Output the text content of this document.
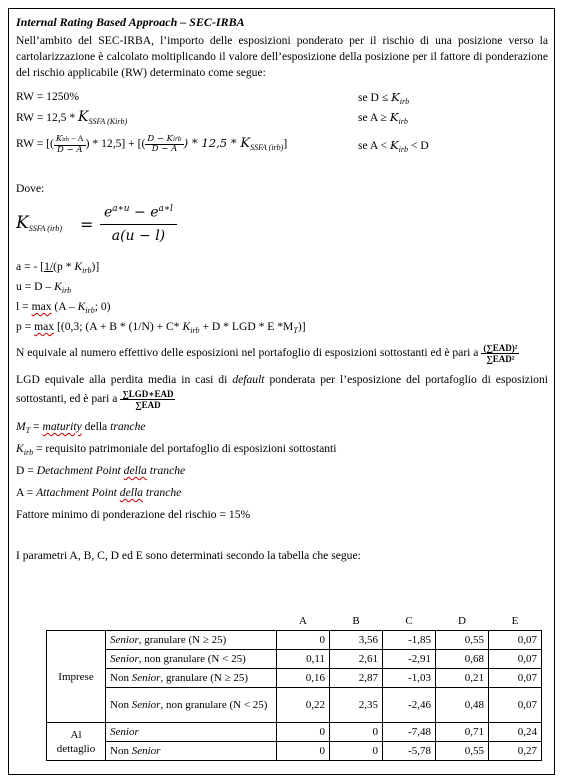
Internal Rating Based Approach – SEC-IRBA

Nell’ambito del SEC-IRBA, l’importo delle esposizioni ponderato per il rischio di una posizione verso la cartolarizzazione è calcolato moltiplicando il valore dell’esposizione della posizione per il fattore di ponderazione del rischio applicabile (RW) determinato come segue:

RW = 1250%	se $D \le K_{irb}$
RW = $12,5 * K_{SSFA (Kirb)}$	se $A \ge K_{irb}$
RW = [( $\frac{\text{Kirb − A}}{D - A}$ ) * 12,5] + [( $\frac{\text{D − Kirb}}{D - A}$ ) * $12,5 * K_{SSFA (irb)}$]	se $A < K_{irb} < D$

Dove:

$K_{SSFA (irb)} = \frac{e^{a∗u} - e^{a∗l}}{a(u - l)}$

a = - $[1/(p * K_{irb})]$

$u = D - K_{irb}$

$l = \max (A - K_{irb}$; 0)

p = max [(0,3; (A + B * (1/N) + C* $K_{irb} + D$ * LGD * E $*M_T$)]

N equivale al numero effettivo delle esposizioni nel portafoglio di esposizioni sottostanti ed è pari a $\frac{\text{(∑EAD)²}}{\text{∑EAD²}}$

LGD equivale alla perdita media in casi di default ponderata per l’esposizione del portafoglio di esposizioni sottostanti, ed è pari a $\frac{\text{∑LGD∗EAD}}{\text{∑EAD}}$

$M_T$ = maturity della tranche

$K_{irb}$ = requisito patrimoniale del portafoglio di esposizioni sottostanti

D = Detachment Point della tranche

A = Attachment Point della tranche

Fattore minimo di ponderazione del rischio = 15%

I parametri A, B, C, D ed E sono determinati secondo la tabella che segue:

		A	B	C	D	E
Imprese	Senior, granulare (N ≥ 25)	0	3,56	-1,85	0,55	0,07
	Senior, non granulare (N < 25)	0,11	2,61	-2,91	0,68	0,07
	Non Senior, granulare (N ≥ 25)	0,16	2,87	-1,03	0,21	0,07
	Non Senior, non granulare (N < 25)	0,22	2,35	-2,46	0,48	0,07
Al
dettaglio	Senior	0	0	-7,48	0,71	0,24
	Non Senior	0	0	-5,78	0,55	0,27
